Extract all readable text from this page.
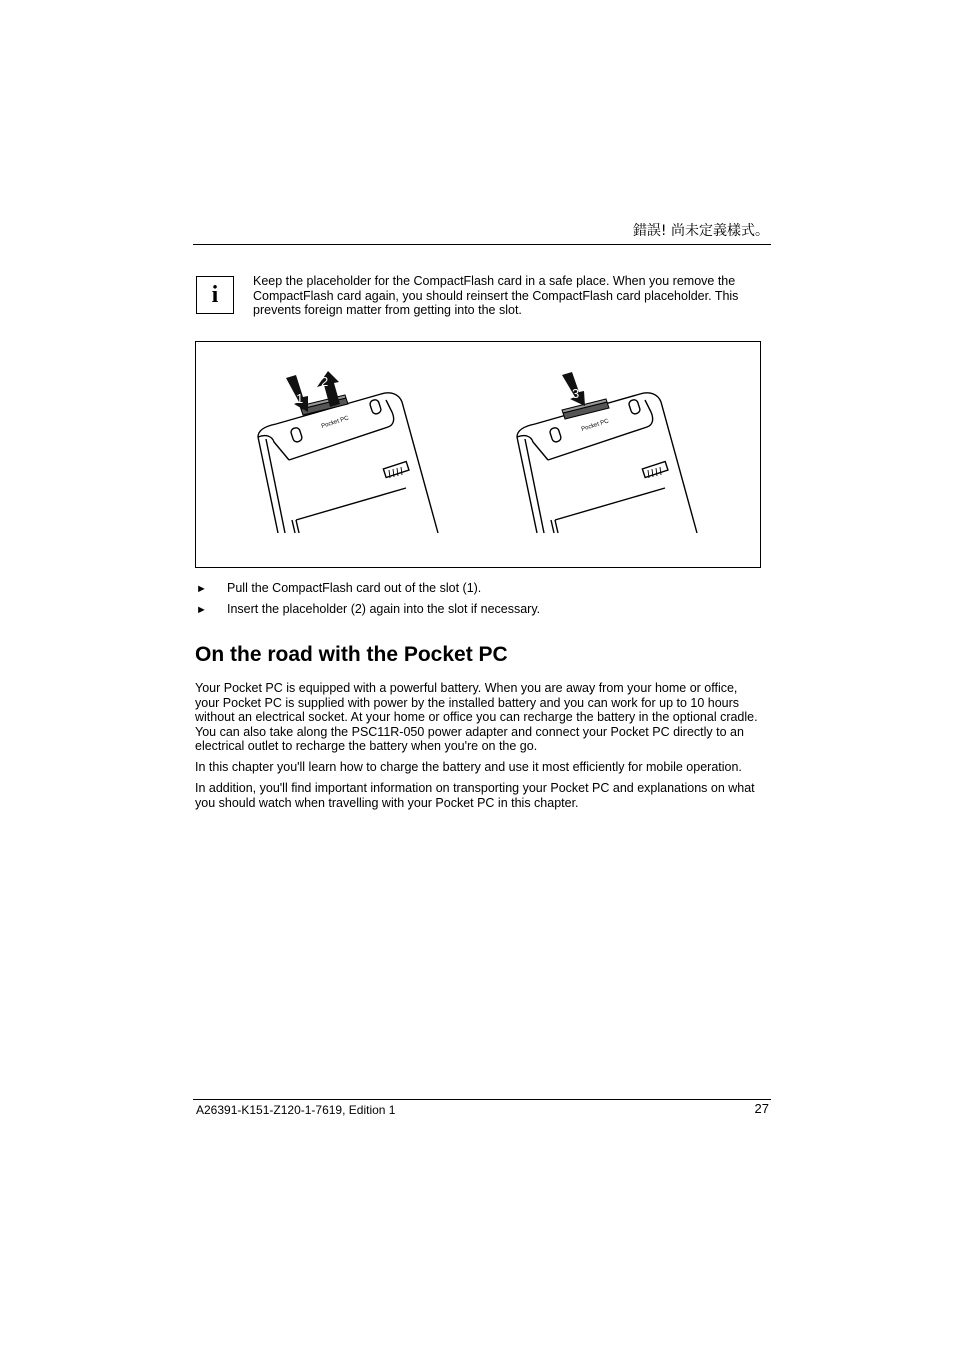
錯誤! 尚未定義樣式。
i
Keep the placeholder for the CompactFlash card in a safe place. When you remove the CompactFlash card again, you should reinsert the CompactFlash card placeholder. This prevents foreign matter from getting into the slot.
Pocket PC
1
2
Pocket PC
3
► Pull the CompactFlash card out of the slot (1).
► Insert the placeholder (2) again into the slot if necessary.
On the road with the Pocket PC

Your Pocket PC is equipped with a powerful battery. When you are away from your home or office, your Pocket PC is supplied with power by the installed battery and you can work for up to 10 hours without an electrical socket. At your home or office you can recharge the battery in the optional cradle. You can also take along the PSC11R-050 power adapter and connect your Pocket PC directly to an electrical outlet to recharge the battery when you're on the go.

In this chapter you'll learn how to charge the battery and use it most efficiently for mobile operation.

In addition, you'll find important information on transporting your Pocket PC and explanations on what you should watch when travelling with your Pocket PC in this chapter.

A26391-K151-Z120-1-7619, Edition 1	27
